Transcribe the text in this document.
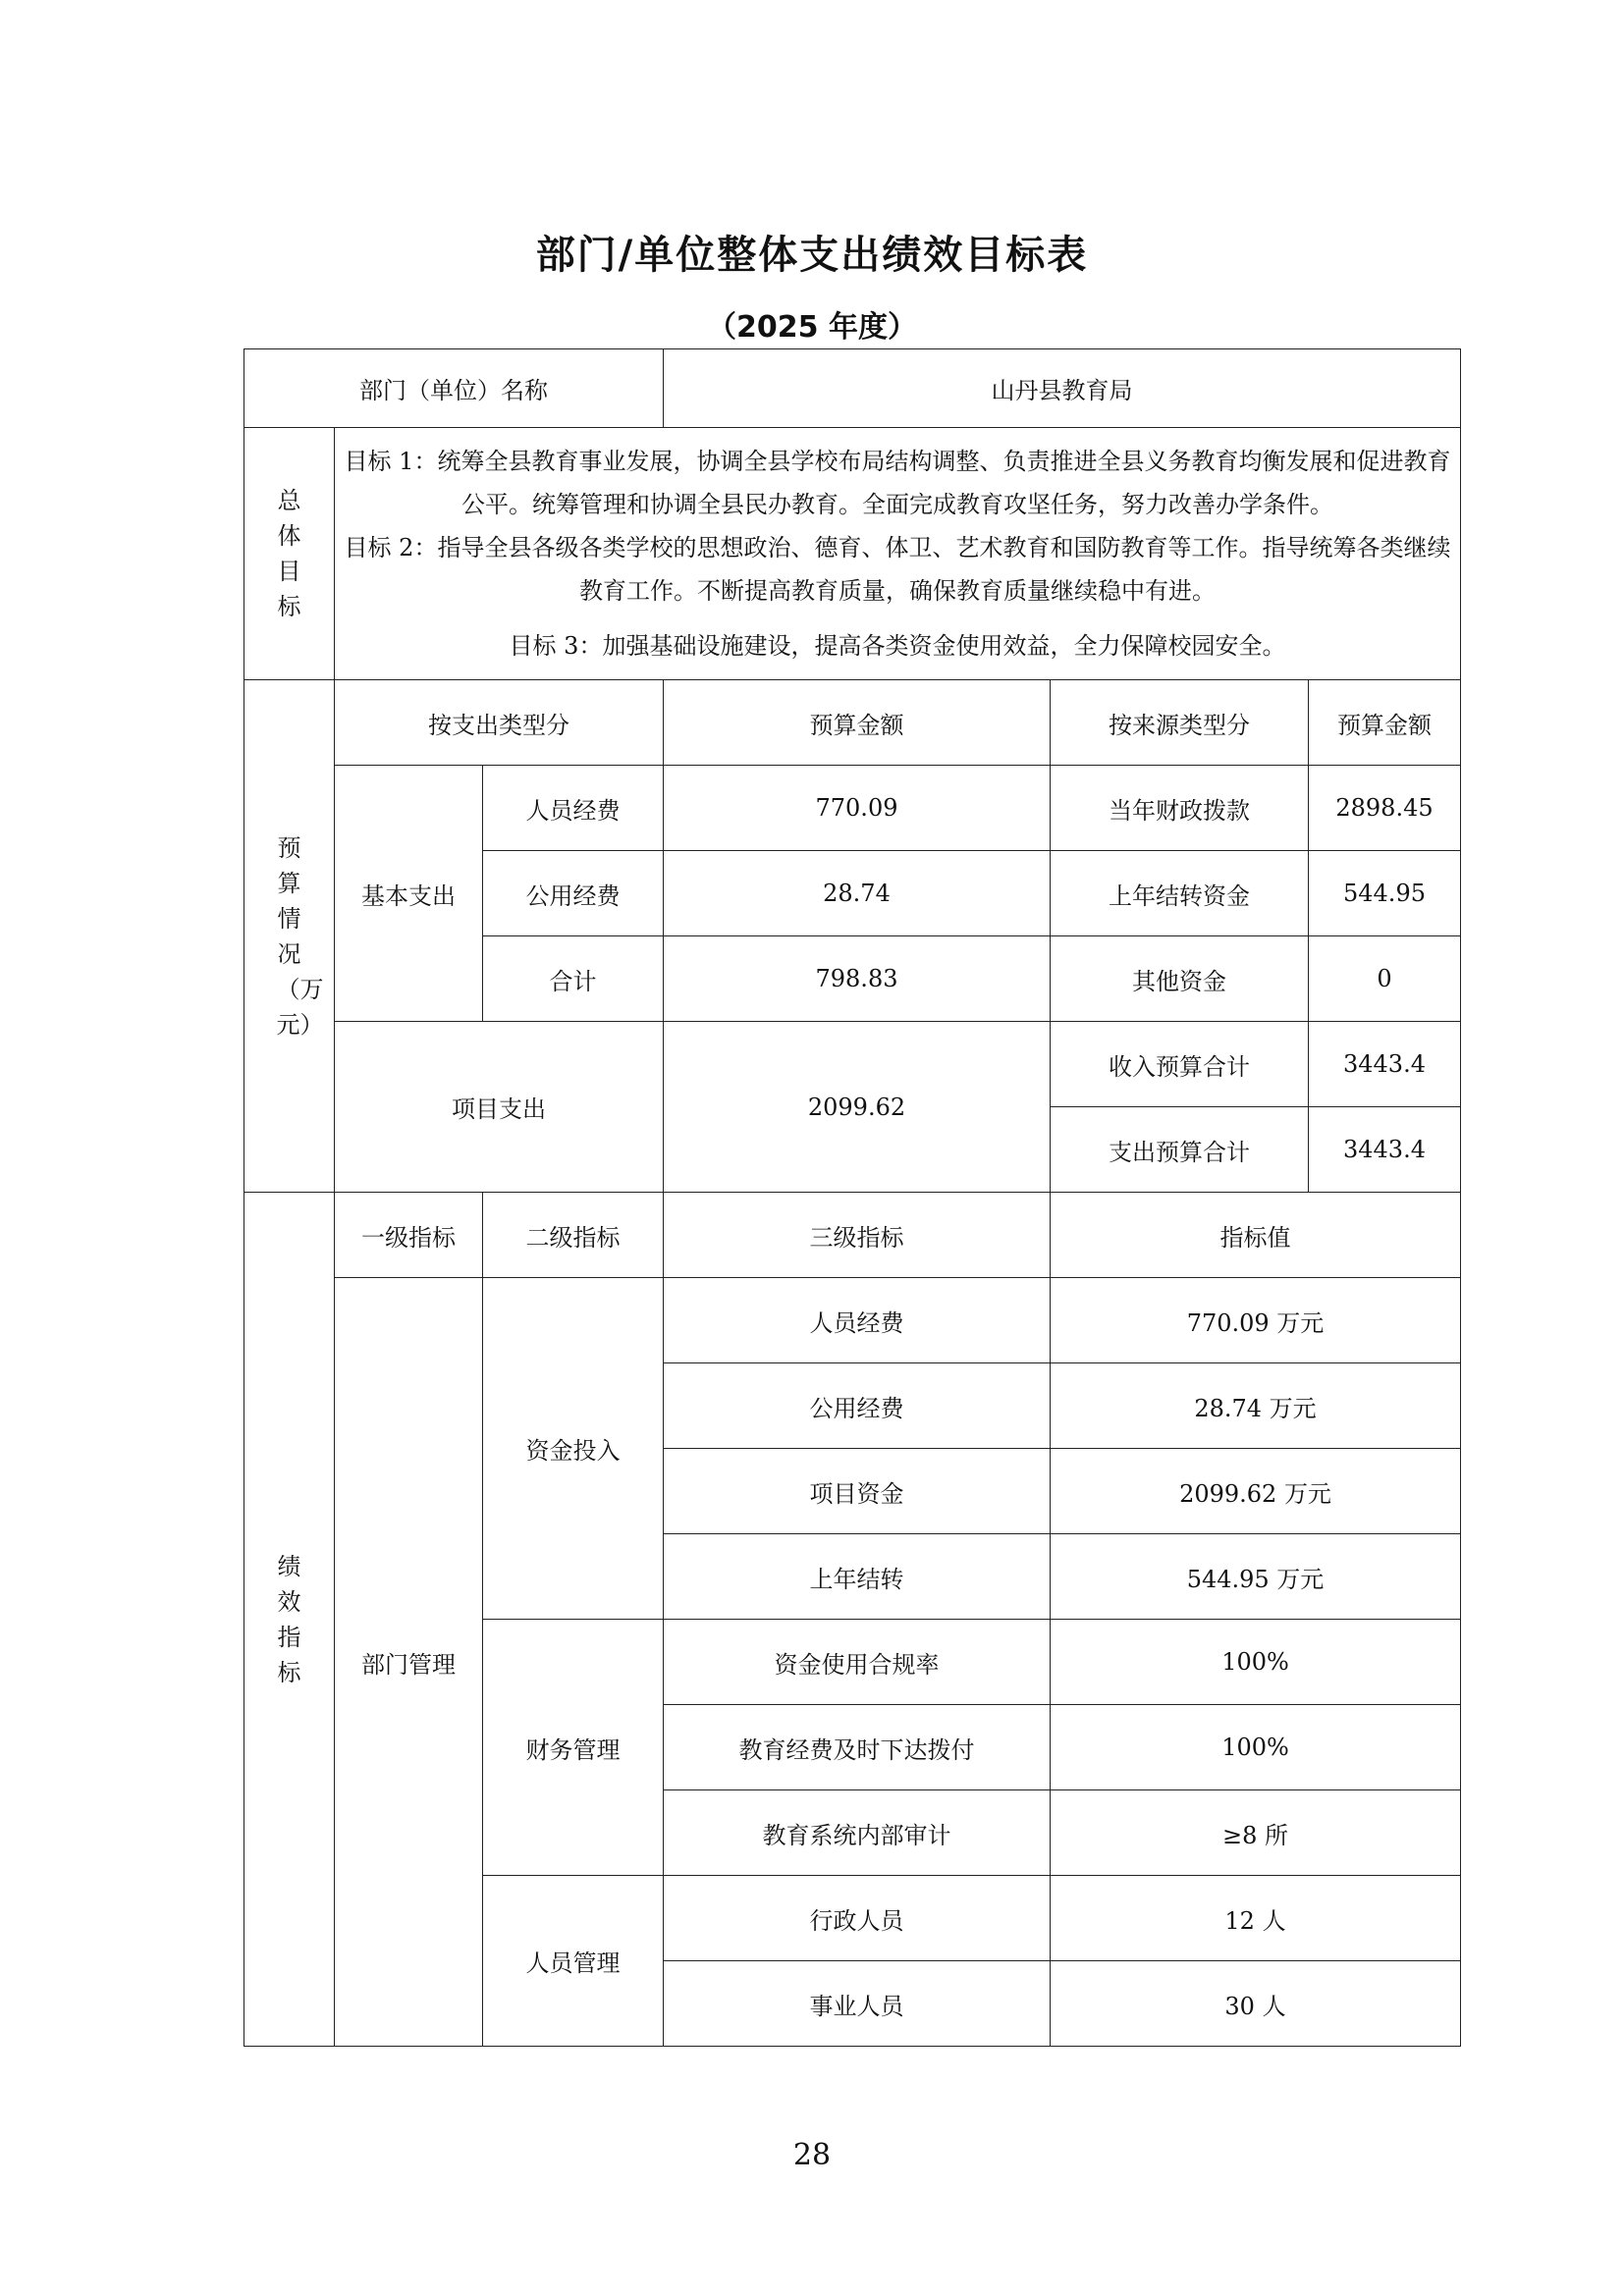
部门/单位整体支出绩效目标表
（2025 年度）
部门（单位）名称			山丹县教育局		
总体目标	目标 1：统筹全县教育事业发展，协调全县学校布局结构调整、负责推进全县义务教育均衡发展和促进教育公平。统筹管理和协调全县民办教育。全面完成教育攻坚任务，努力改善办学条件。
目标 2：指导全县各级各类学校的思想政治、德育、体卫、艺术教育和国防教育等工作。指导统筹各类继续教育工作。不断提高教育质量，确保教育质量继续稳中有进。
目标 3：加强基础设施建设，提高各类资金使用效益，全力保障校园安全。				

预算情况（万元）	按支出类型分		预算金额	按来源类型分	预算金额
	基本支出	人员经费	770.09	当年财政拨款	2898.45
		公用经费	28.74	上年结转资金	544.95
		合计	798.83	其他资金	0
	项目支出		2099.62	收入预算合计	3443.4
				支出预算合计	3443.4

绩效指标	一级指标	二级指标	三级指标	指标值	
	部门管理	资金投入	人员经费	770.09 万元	
			公用经费	28.74 万元	
			项目资金	2099.62 万元	
			上年结转	544.95 万元	
		财务管理	资金使用合规率	100%	
			教育经费及时下达拨付	100%	
			教育系统内部审计	≥8 所	
		人员管理	行政人员	12 人	
			事业人员	30 人	
28
